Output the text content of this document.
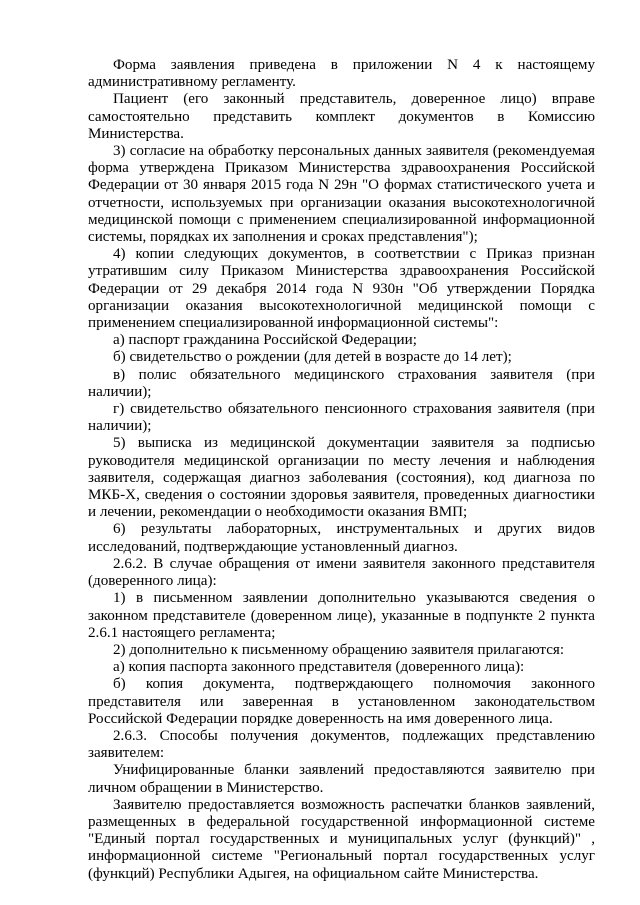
Форма заявления приведена в приложении N 4 к настоящему административному регламенту.

Пациент (его законный представитель, доверенное лицо) вправе самостоятельно представить комплект документов в Комиссию Министерства.

3) согласие на обработку персональных данных заявителя (рекомендуемая форма утверждена Приказом Министерства здравоохранения Российской Федерации от 30 января 2015 года N 29н "О формах статистического учета и отчетности, используемых при организации оказания высокотехнологичной медицинской помощи с применением специализированной информационной системы, порядках их заполнения и сроках представления");

4) копии следующих документов, в соответствии с Приказ признан утратившим силу Приказом Министерства здравоохранения Российской Федерации от 29 декабря 2014 года N 930н "Об утверждении Порядка организации оказания высокотехнологичной медицинской помощи с применением специализированной информационной системы":

а) паспорт гражданина Российской Федерации;

б) свидетельство о рождении (для детей в возрасте до 14 лет);

в) полис обязательного медицинского страхования заявителя (при наличии);

г) свидетельство обязательного пенсионного страхования заявителя (при наличии);

5) выписка из медицинской документации заявителя за подписью руководителя медицинской организации по месту лечения и наблюдения заявителя, содержащая диагноз заболевания (состояния), код диагноза по МКБ-Х, сведения о состоянии здоровья заявителя, проведенных диагностики и лечении, рекомендации о необходимости оказания ВМП;

6) результаты лабораторных, инструментальных и других видов исследований, подтверждающие установленный диагноз.

2.6.2. В случае обращения от имени заявителя законного представителя (доверенного лица):

1) в письменном заявлении дополнительно указываются сведения о законном представителе (доверенном лице), указанные в подпункте 2 пункта 2.6.1 настоящего регламента;

2) дополнительно к письменному обращению заявителя прилагаются:

а) копия паспорта законного представителя (доверенного лица):

б) копия документа, подтверждающего полномочия законного представителя или заверенная в установленном законодательством Российской Федерации порядке доверенность на имя доверенного лица.

2.6.3. Способы получения документов, подлежащих представлению заявителем:

Унифицированные бланки заявлений предоставляются заявителю при личном обращении в Министерство.

Заявителю предоставляется возможность распечатки бланков заявлений, размещенных в федеральной государственной информационной системе "Единый портал государственных и муниципальных услуг (функций)" , информационной системе "Региональный портал государственных услуг (функций) Республики Адыгея, на официальном сайте Министерства.
